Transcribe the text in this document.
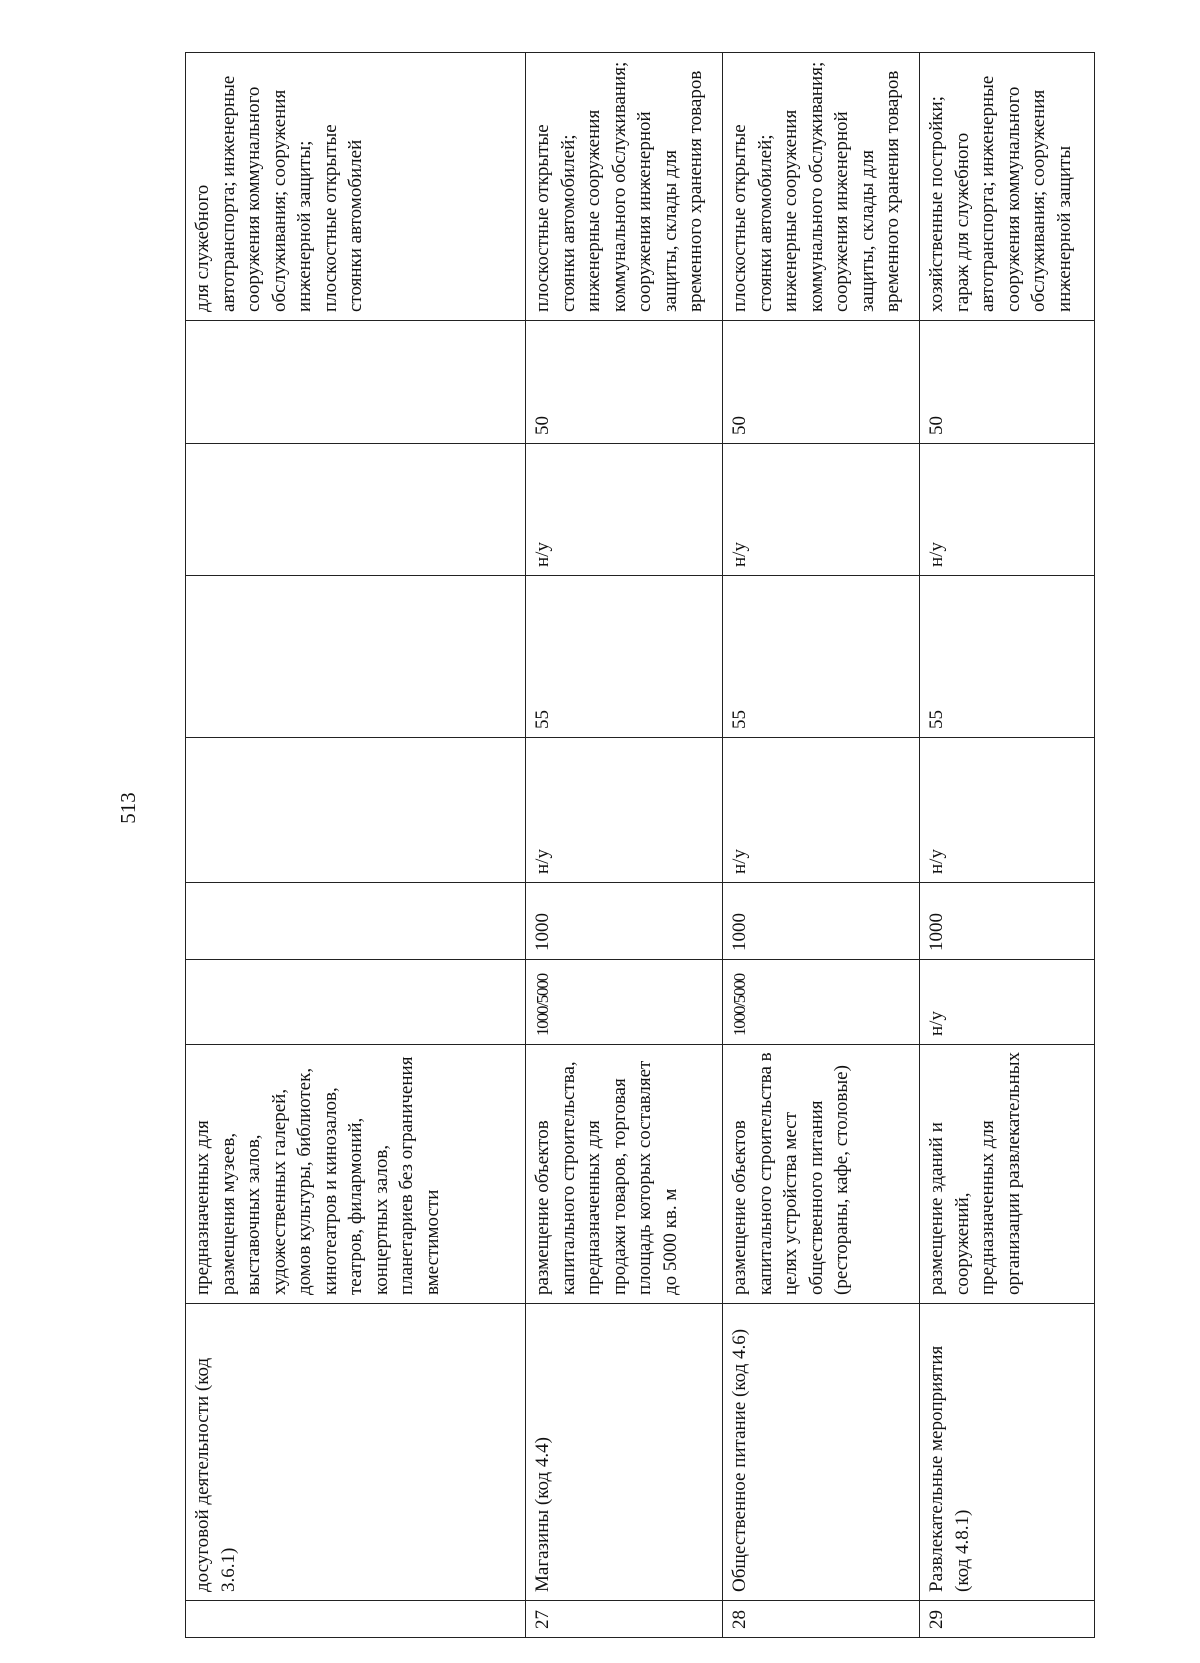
513
	досуговой деятельности (код 3.6.1)	предназначенных для размещения музеев, выставочных залов, художественных галерей, домов культуры, библиотек, кинотеатров и кинозалов, театров, филармоний, концертных залов, планетариев без ограничения вместимости							для служебного автотранспорта; инженерные сооружения коммунального обслуживания; сооружения инженерной защиты; плоскостные открытые стоянки автомобилей
27	Магазины (код 4.4)	размещение объектов капитального строительства, предназначенных для продажи товаров, торговая площадь которых составляет до 5000 кв. м	1000/5000	1000	н/у	55	н/у	50	плоскостные открытые стоянки автомобилей; инженерные сооружения коммунального обслуживания; сооружения инженерной защиты, склады для временного хранения товаров
28	Общественное питание (код 4.6)	размещение объектов капитального строительства в целях устройства мест общественного питания (рестораны, кафе, столовые)	1000/5000	1000	н/у	55	н/у	50	плоскостные открытые стоянки автомобилей; инженерные сооружения коммунального обслуживания; сооружения инженерной защиты, склады для временного хранения товаров
29	Развлекательные мероприятия (код 4.8.1)	размещение зданий и сооружений, предназначенных для организации развлекательных	н/у	1000	н/у	55	н/у	50	хозяйственные постройки; гараж для служебного автотранспорта; инженерные сооружения коммунального обслуживания; сооружения инженерной защиты
